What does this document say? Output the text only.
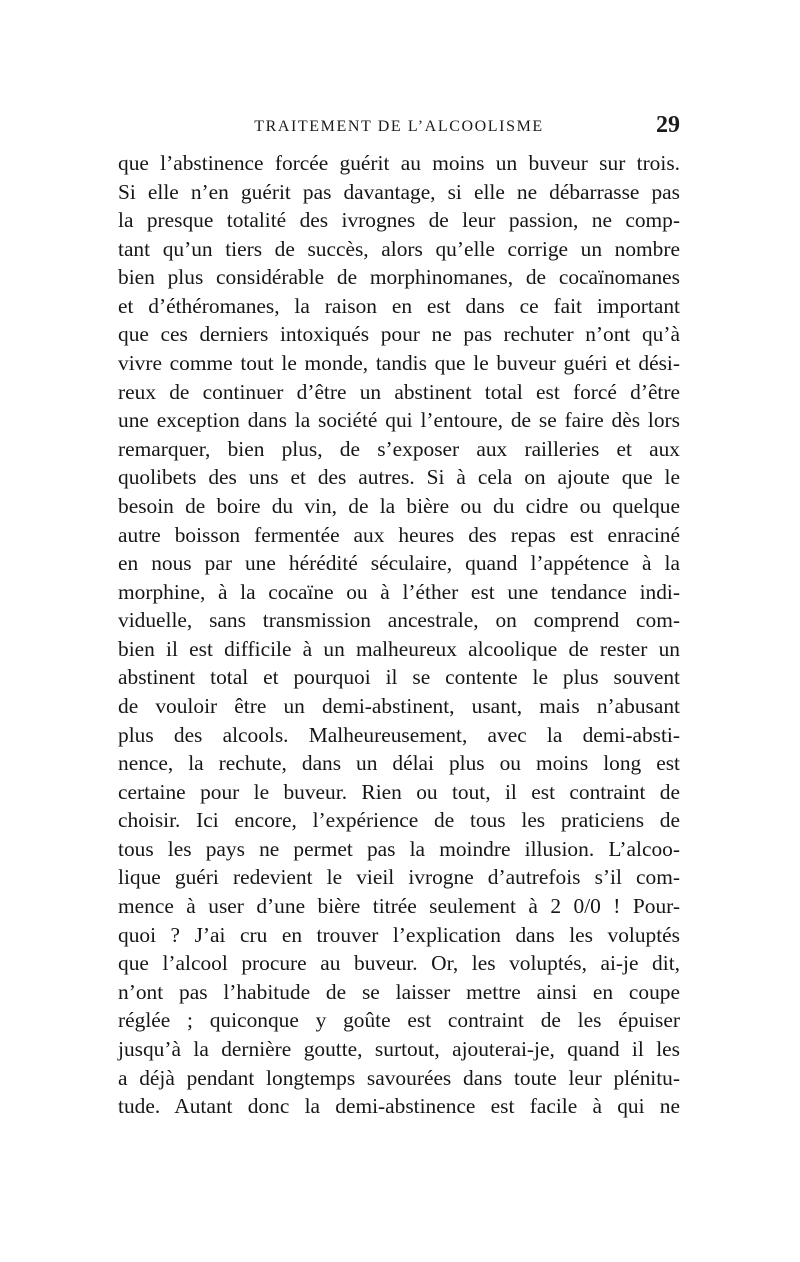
TRAITEMENT DE L’ALCOOLISME	29
que l’abstinence forcée guérit au moins un buveur sur trois.
Si elle n’en guérit pas davantage, si elle ne débarrasse pas
la presque totalité des ivrognes de leur passion, ne comp-
tant qu’un tiers de succès, alors qu’elle corrige un nombre
bien plus considérable de morphinomanes, de cocaïnomanes
et d’éthéromanes, la raison en est dans ce fait important
que ces derniers intoxiqués pour ne pas rechuter n’ont qu’à
vivre comme tout le monde, tandis que le buveur guéri et dési-
reux de continuer d’être un abstinent total est forcé d’être
une exception dans la société qui l’entoure, de se faire dès lors
remarquer, bien plus, de s’exposer aux railleries et aux
quolibets des uns et des autres. Si à cela on ajoute que le
besoin de boire du vin, de la bière ou du cidre ou quelque
autre boisson fermentée aux heures des repas est enraciné
en nous par une hérédité séculaire, quand l’appétence à la
morphine, à la cocaïne ou à l’éther est une tendance indi-
viduelle, sans transmission ancestrale, on comprend com-
bien il est difficile à un malheureux alcoolique de rester un
abstinent total et pourquoi il se contente le plus souvent
de vouloir être un demi-abstinent, usant, mais n’abusant
plus des alcools. Malheureusement, avec la demi-absti-
nence, la rechute, dans un délai plus ou moins long est
certaine pour le buveur. Rien ou tout, il est contraint de
choisir. Ici encore, l’expérience de tous les praticiens de
tous les pays ne permet pas la moindre illusion. L’alcoo-
lique guéri redevient le vieil ivrogne d’autrefois s’il com-
mence à user d’une bière titrée seulement à 2 0/0 ! Pour-
quoi ? J’ai cru en trouver l’explication dans les voluptés
que l’alcool procure au buveur. Or, les voluptés, ai-je dit,
n’ont pas l’habitude de se laisser mettre ainsi en coupe
réglée ; quiconque y goûte est contraint de les épuiser
jusqu’à la dernière goutte, surtout, ajouterai-je, quand il les
a déjà pendant longtemps savourées dans toute leur plénitu-
tude. Autant donc la demi-abstinence est facile à qui ne
